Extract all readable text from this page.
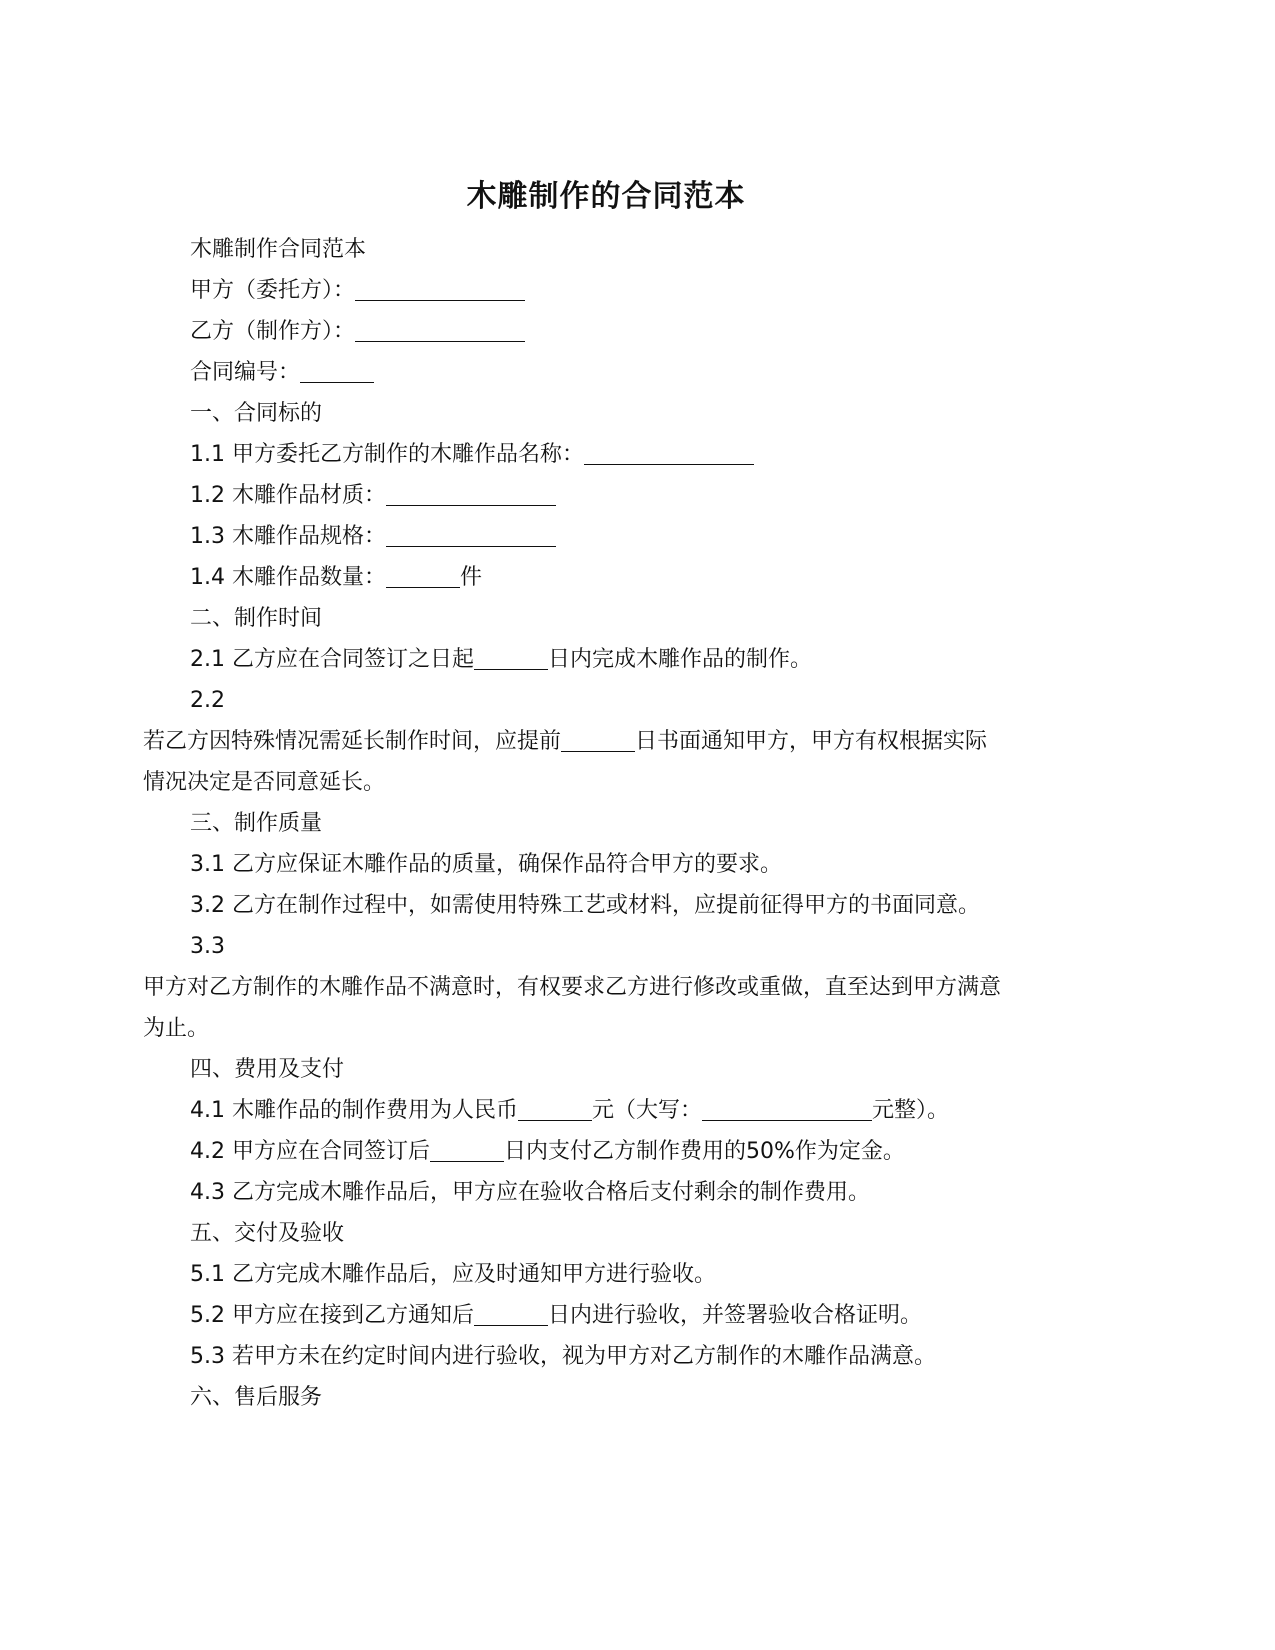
木雕制作的合同范本
木雕制作合同范本
甲方（委托方）：
乙方（制作方）：
合同编号：
一、合同标的
1.1 甲方委托乙方制作的木雕作品名称：
1.2 木雕作品材质：
1.3 木雕作品规格：
1.4 木雕作品数量：	件
二、制作时间
2.1 乙方应在合同签订之日起	日内完成木雕作品的制作。
2.2
若乙方因特殊情况需延长制作时间，应提前	日书面通知甲方，甲方有权根据实际
情况决定是否同意延长。
三、制作质量
3.1 乙方应保证木雕作品的质量，确保作品符合甲方的要求。
3.2 乙方在制作过程中，如需使用特殊工艺或材料，应提前征得甲方的书面同意。
3.3
甲方对乙方制作的木雕作品不满意时，有权要求乙方进行修改或重做，直至达到甲方满意
为止。
四、费用及支付
4.1 木雕作品的制作费用为人民币	元（大写：	元整）。
4.2 甲方应在合同签订后	日内支付乙方制作费用的50%作为定金。
4.3 乙方完成木雕作品后，甲方应在验收合格后支付剩余的制作费用。
五、交付及验收
5.1 乙方完成木雕作品后，应及时通知甲方进行验收。
5.2 甲方应在接到乙方通知后	日内进行验收，并签署验收合格证明。
5.3 若甲方未在约定时间内进行验收，视为甲方对乙方制作的木雕作品满意。
六、售后服务
